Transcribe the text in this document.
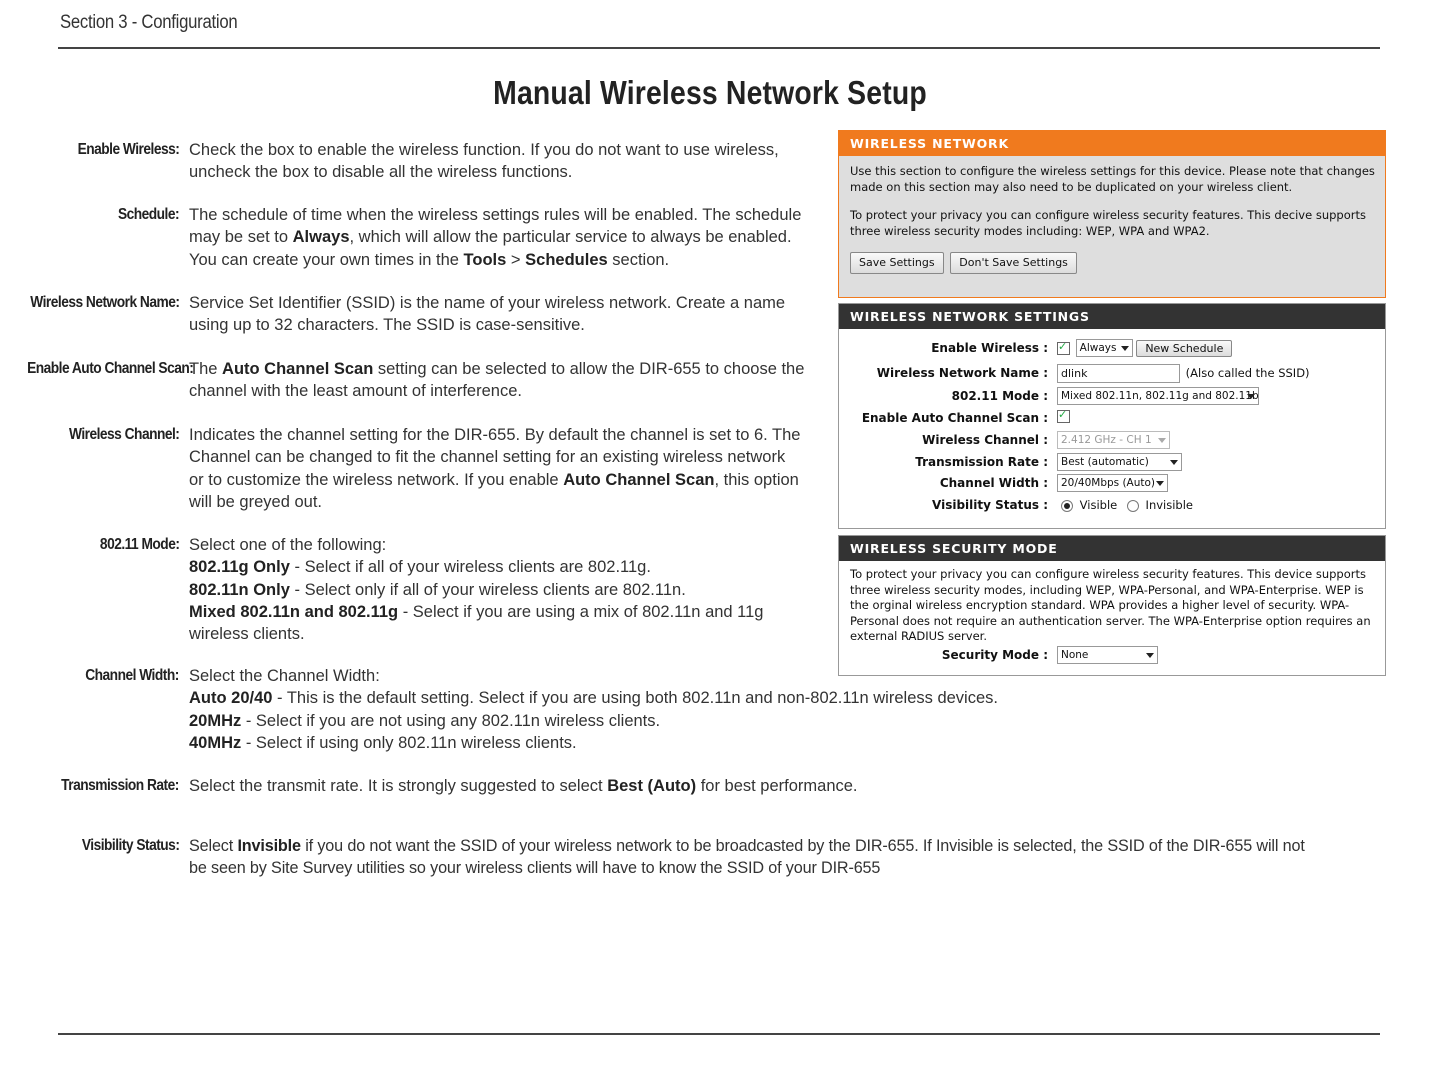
Section 3 - Configuration
Manual Wireless Network Setup
Enable Wireless: Check the box to enable the wireless function. If you do not want to use wireless,
uncheck the box to disable all the wireless functions.
Schedule: The schedule of time when the wireless settings rules will be enabled. The schedule
may be set to Always, which will allow the particular service to always be enabled.
You can create your own times in the Tools > Schedules section.
Wireless Network Name: Service Set Identifier (SSID) is the name of your wireless network. Create a name
using up to 32 characters. The SSID is case-sensitive.
Enable Auto Channel Scan:
The Auto Channel Scan setting can be selected to allow the DIR-655 to choose the
channel with the least amount of interference.
Wireless Channel: Indicates the channel setting for the DIR-655. By default the channel is set to 6. The
Channel can be changed to fit the channel setting for an existing wireless network
or to customize the wireless network. If you enable Auto Channel Scan, this option
will be greyed out.
802.11 Mode: Select one of the following:
802.11g Only - Select if all of your wireless clients are 802.11g.
802.11n Only - Select only if all of your wireless clients are 802.11n.
Mixed 802.11n and 802.11g - Select if you are using a mix of 802.11n and 11g
wireless clients.
Channel Width: Select the Channel Width:
Auto 20/40 - This is the default setting. Select if you are using both 802.11n and non-802.11n wireless devices.
20MHz - Select if you are not using any 802.11n wireless clients.
40MHz - Select if using only 802.11n wireless clients.
Transmission Rate: Select the transmit rate. It is strongly suggested to select Best (Auto) for best performance.
Visibility Status: Select Invisible if you do not want the SSID of your wireless network to be broadcasted by the DIR-655. If Invisible is selected, the SSID of the DIR-655 will not
be seen by Site Survey utilities so your wireless clients will have to know the SSID of your DIR-655
WIRELESS NETWORK
Use this section to configure the wireless settings for this device. Please note that changes made on this section may also need to be duplicated on your wireless client.
To protect your privacy you can configure wireless security features. This decive supports three wireless security modes including: WEP, WPA and WPA2.
Save Settings Don't Save Settings
WIRELESS NETWORK SETTINGS
Enable Wireless :
✓	Always	New Schedule
Wireless Network Name :	dlink	(Also called the SSID)
802.11 Mode :	Mixed 802.11n, 802.11g and 802.11b
Enable Auto Channel Scan :
✓
Wireless Channel :	2.412 GHz - CH 1
Transmission Rate :	Best (automatic)
Channel Width :	20/40Mbps (Auto)
Visibility Status :	Visible Invisible
WIRELESS SECURITY MODE
To protect your privacy you can configure wireless security features. This device supports three wireless security modes, including WEP, WPA-Personal, and WPA-Enterprise. WEP is the orginal wireless encryption standard. WPA provides a higher level of security. WPA-Personal does not require an authentication server. The WPA-Enterprise option requires an external RADIUS server.
Security Mode :	None
